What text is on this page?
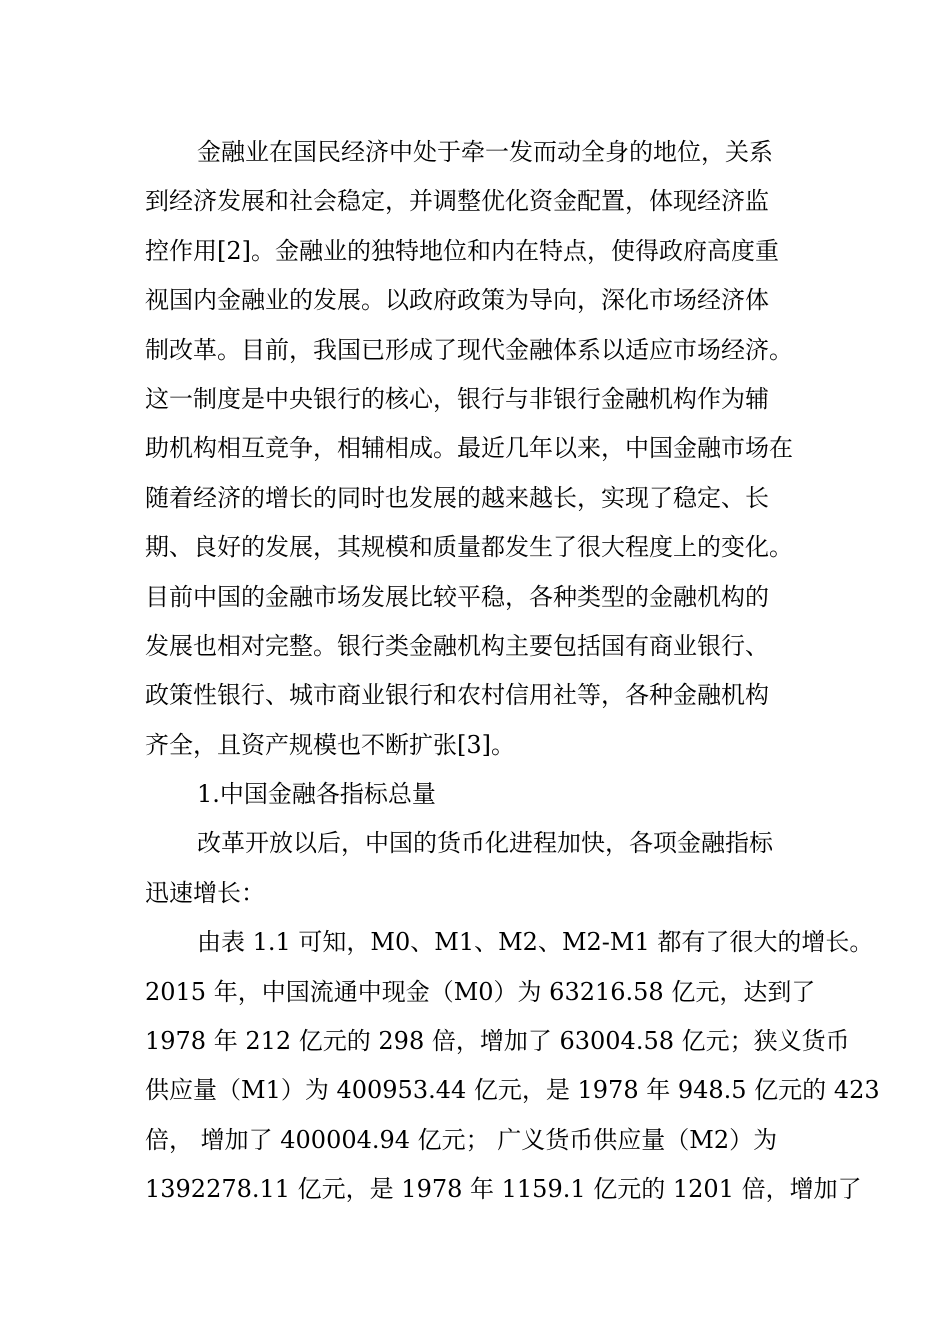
金融业在国民经济中处于牵一发而动全身的地位，关系
到经济发展和社会稳定，并调整优化资金配置，体现经济监
控作用[2]。金融业的独特地位和内在特点，使得政府高度重
视国内金融业的发展。以政府政策为导向，深化市场经济体
制改革。目前，我国已形成了现代金融体系以适应市场经济。
这一制度是中央银行的核心，银行与非银行金融机构作为辅
助机构相互竞争，相辅相成。最近几年以来，中国金融市场在
随着经济的增长的同时也发展的越来越长，实现了稳定、长
期、良好的发展，其规模和质量都发生了很大程度上的变化。
目前中国的金融市场发展比较平稳，各种类型的金融机构的
发展也相对完整。银行类金融机构主要包括国有商业银行、
政策性银行、城市商业银行和农村信用社等，各种金融机构
齐全，且资产规模也不断扩张[3]。
1.中国金融各指标总量
改革开放以后，中国的货币化进程加快，各项金融指标
迅速增长：
由表 1.1 可知，M0、M1、M2、M2-M1 都有了很大的增长。
2015 年，中国流通中现金（M0）为 63216.58 亿元，达到了
1978 年 212 亿元的 298 倍，增加了 63004.58 亿元；狭义货币
供应量（M1）为 400953.44 亿元，是 1978 年 948.5 亿元的 423
倍， 增加了 400004.94 亿元； 广义货币供应量（M2）为
1392278.11 亿元，是 1978 年 1159.1 亿元的 1201 倍，增加了
